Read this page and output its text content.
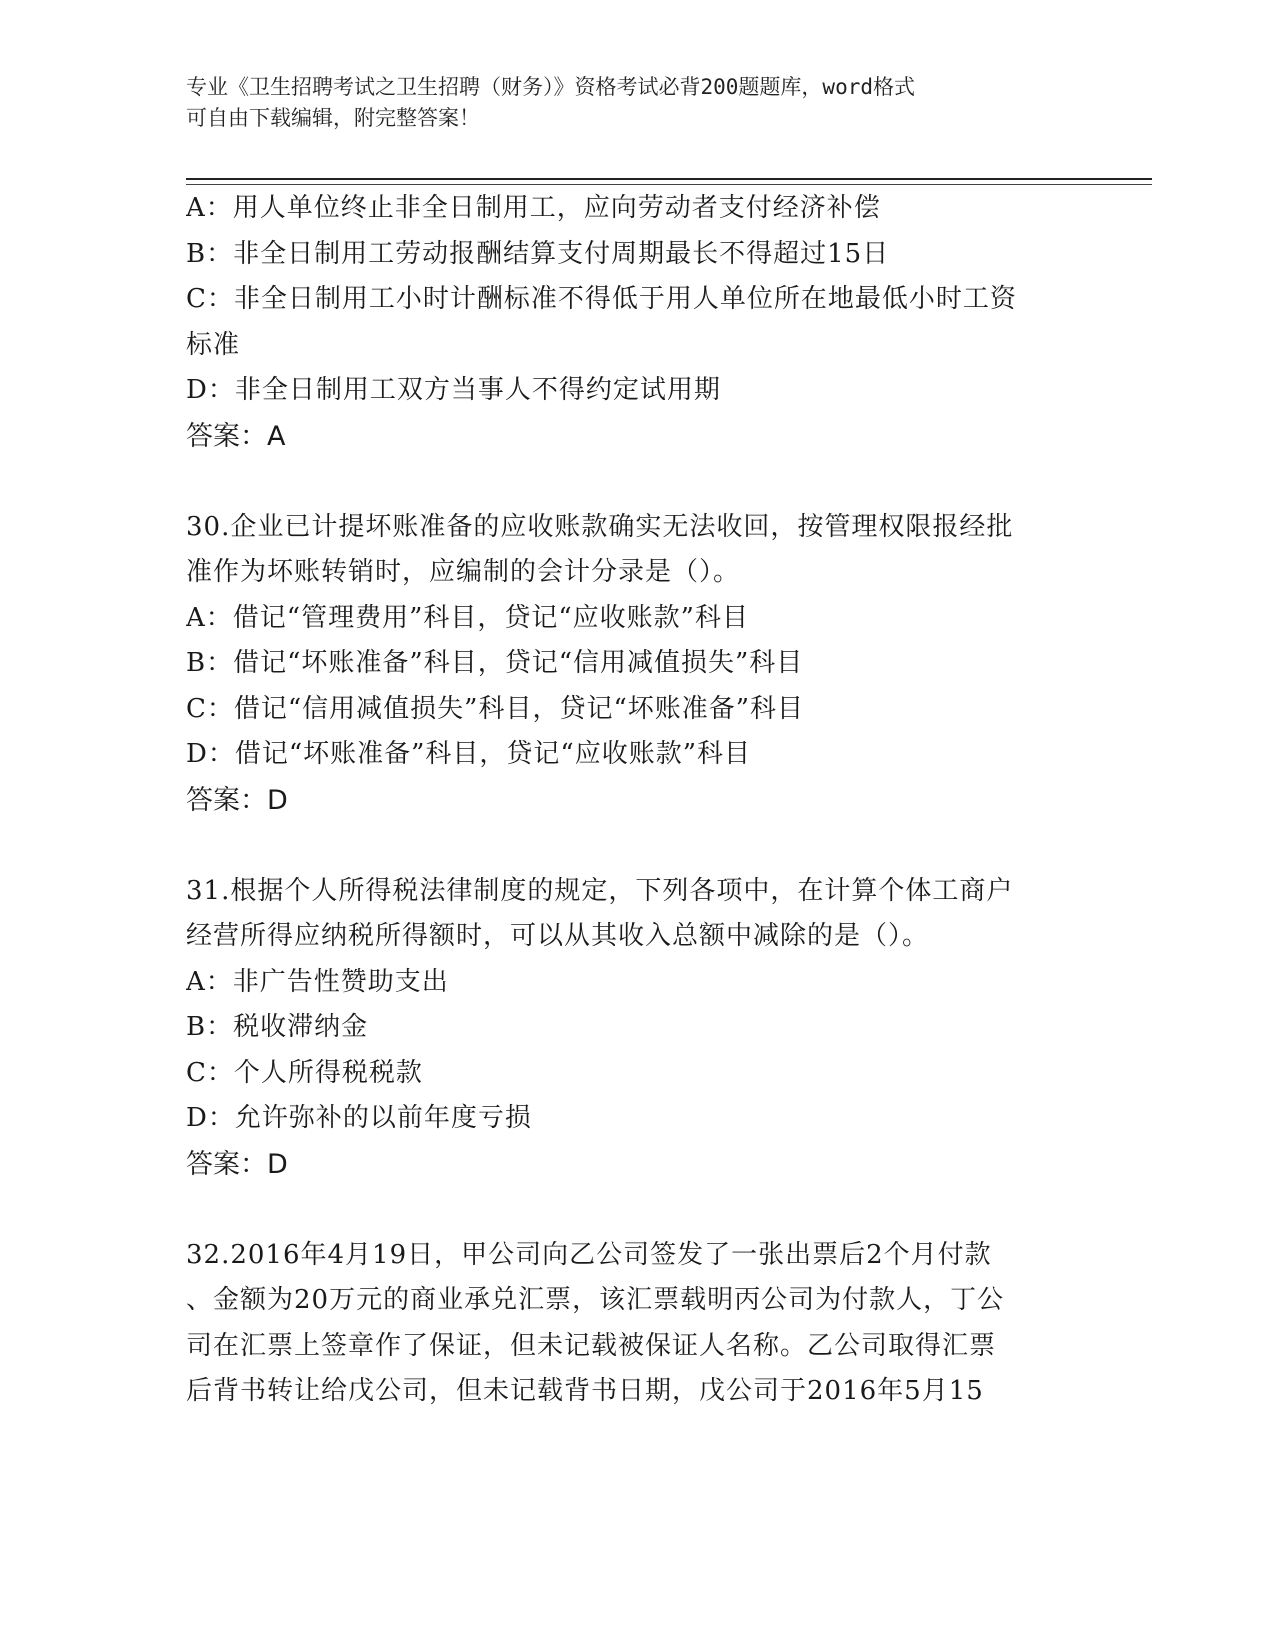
专业《卫生招聘考试之卫生招聘（财务）》资格考试必背200题题库，word格式
可自由下载编辑，附完整答案！
A：用人单位终止非全日制用工，应向劳动者支付经济补偿
B：非全日制用工劳动报酬结算支付周期最长不得超过15日
C：非全日制用工小时计酬标准不得低于用人单位所在地最低小时工资
标准
D：非全日制用工双方当事人不得约定试用期
答案：A
30.企业已计提坏账准备的应收账款确实无法收回，按管理权限报经批
准作为坏账转销时，应编制的会计分录是（）。
A：借记“管理费用”科目，贷记“应收账款”科目
B：借记“坏账准备”科目，贷记“信用减值损失”科目
C：借记“信用减值损失”科目，贷记“坏账准备”科目
D：借记“坏账准备”科目，贷记“应收账款”科目
答案：D
31.根据个人所得税法律制度的规定，下列各项中，在计算个体工商户
经营所得应纳税所得额时，可以从其收入总额中减除的是（）。
A：非广告性赞助支出
B：税收滞纳金
C：个人所得税税款
D：允许弥补的以前年度亏损
答案：D
32.2016年4月19日，甲公司向乙公司签发了一张出票后2个月付款
、金额为20万元的商业承兑汇票，该汇票载明丙公司为付款人，丁公
司在汇票上签章作了保证，但未记载被保证人名称。乙公司取得汇票
后背书转让给戊公司，但未记载背书日期，戊公司于2016年5月15
